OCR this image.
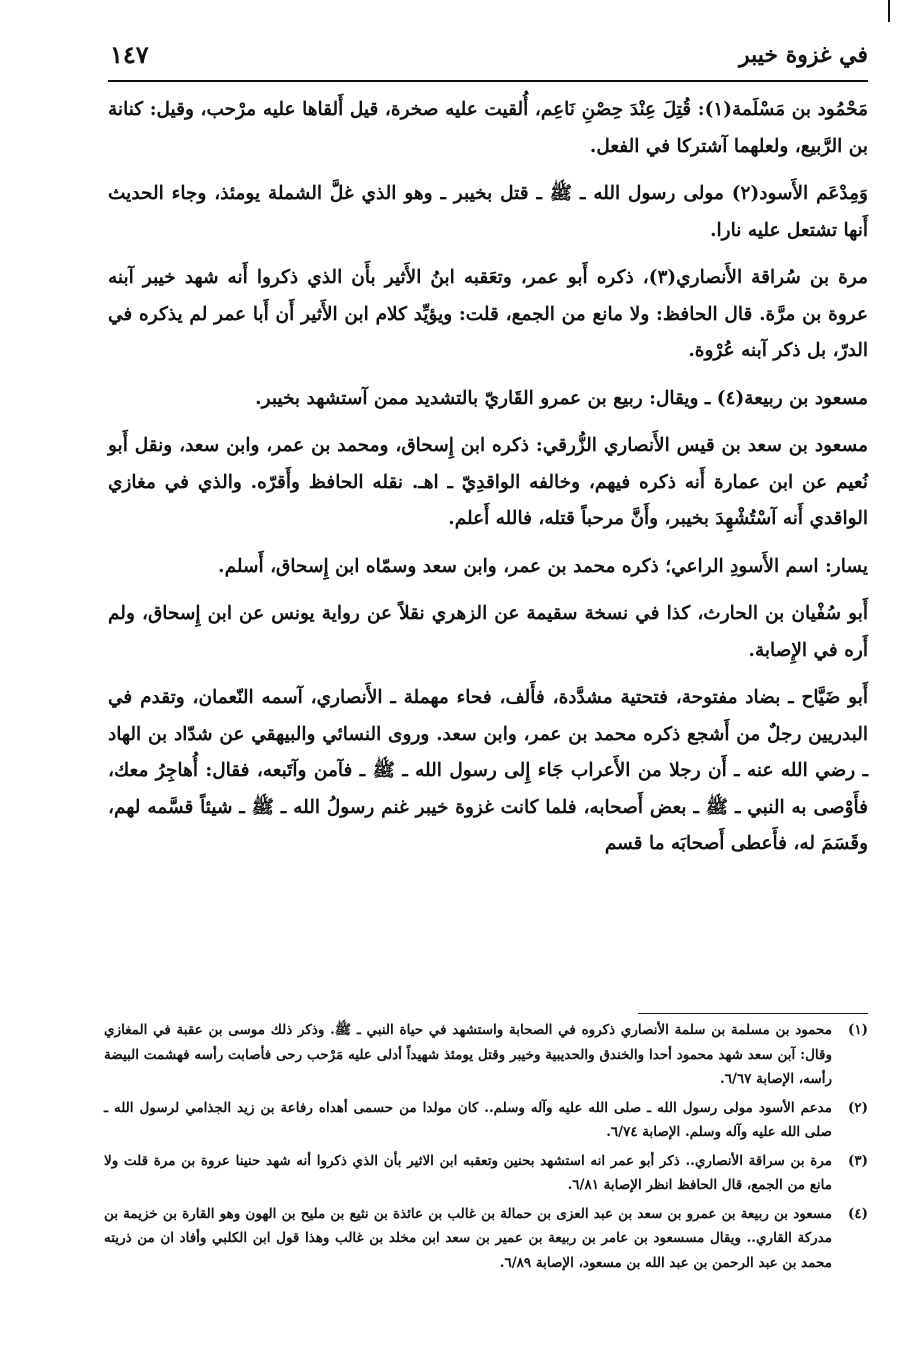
في غزوة خيبر
١٤٧

مَحْمُود بن مَسْلَمة(١): قُتِلَ عِنْدَ حِصْنِ نَاعِم، أُلقيت عليه صخرة، قيل أَلقاها عليه مرْحب، وقيل: كنانة بن الرَّبيع، ولعلهما آشتركا في الفعل.

وَمِدْعَم الأَسود(٢) مولى رسول الله ـ ﷺ ـ قتل بخيبر ـ وهو الذي غلَّ الشملة يومئذ، وجاء الحديث أَنها تشتعل عليه نارا.

مرة بن سُراقة الأَنصاري(٣)، ذكره أَبو عمر، وتعَقبه ابنُ الأَثير بأَن الذي ذكروا أَنه شهد خيبر آبنه عروة بن مرَّة. قال الحافظ: ولا مانع من الجمع، قلت: ويؤيِّد كلام ابن الأَثير أَن أَبا عمر لم يذكره في الدرّ، بل ذكر آبنه عُرْوة.

مسعود بن ربيعة(٤) ـ ويقال: ربيع بن عمرو القَاريّ بالتشديد ممن آستشهد بخيبر.

مسعود بن سعد بن قيس الأَنصاري الزُّرقي: ذكره ابن إِسحاق، ومحمد بن عمر، وابن سعد، ونقل أَبو نُعيم عن ابن عمارة أَنه ذكره فيهم، وخالفه الواقدِيّ ـ اهـ. نقله الحافظ وأَقرّه. والذي في مغازي الواقدي أَنه آسْتُشْهِدَ بخيبر، وأَنَّ مرحباً قتله، فالله أَعلم.

يسار: اسم الأَسودِ الراعي؛ ذكره محمد بن عمر، وابن سعد وسمّاه ابن إِسحاق، أَسلم.

أَبو سُفْيان بن الحارث، كذا في نسخة سقيمة عن الزهري نقلاً عن رواية يونس عن ابن إِسحاق، ولم أَره في الإِصابة.

أَبو ضَيَّاح ـ بضاد مفتوحة، فتحتية مشدَّدة، فأَلف، فحاء مهملة ـ الأَنصاري، آسمه النّعمان، وتقدم في البدريين رجلٌ من أَشجع ذكره محمد بن عمر، وابن سعد. وروى النسائي والبيهقي عن شدّاد بن الهاد ـ رضي الله عنه ـ أَن رجلا من الأَعراب جَاء إِلى رسول الله ـ ﷺ ـ فآمن وآتَبعه، فقال: أُهاجِرُ معك، فأَوْصى به النبي ـ ﷺ ـ بعض أَصحابه، فلما كانت غزوة خيبر غنم رسولُ الله ـ ﷺ ـ شيئاً قسَّمه لهم، وقَسَمَ له، فأَعطى أَصحابَه ما قسم

(١)
محمود بن مسلمة بن سلمة الأنصاري ذكروه في الصحابة واستشهد في حياة النبي ـ ﷺ. وذكر ذلك موسى بن عقبة في المغازي وقال: آبن سعد شهد محمود أحدا والخندق والحديبية وخيبر وقتل يومئذ شهيداً أدلى عليه مَرْحب رحى فأصابت رأسه فهشمت البيضة رأسه، الإصابة ٦/٦٧.
(٢)
مدعم الأسود مولى رسول الله ـ صلى الله عليه وآله وسلم.. كان مولدا من حسمى أهداه رفاعة بن زيد الجذامي لرسول الله ـ صلى الله عليه وآله وسلم. الإصابة ٦/٧٤.
(٣)
مرة بن سراقة الأنصاري.. ذكر أبو عمر انه استشهد بحنين وتعقبه ابن الاثير بأن الذي ذكروا أنه شهد حنينا عروة بن مرة قلت ولا مانع من الجمع، قال الحافظ انظر الإصابة ٦/٨١.
(٤)
مسعود بن ربيعة بن عمرو بن سعد بن عبد العزى بن حمالة بن غالب بن عائذة بن نثيع بن مليح بن الهون وهو القارة بن خزيمة بن مدركة القاري.. ويقال مسسعود بن عامر بن ربيعة بن عمير بن سعد ابن مخلد بن غالب وهذا قول ابن الكلبي وأفاد ان من ذريته محمد بن عبد الرحمن بن عبد الله بن مسعود، الإصابة ٦/٨٩.
